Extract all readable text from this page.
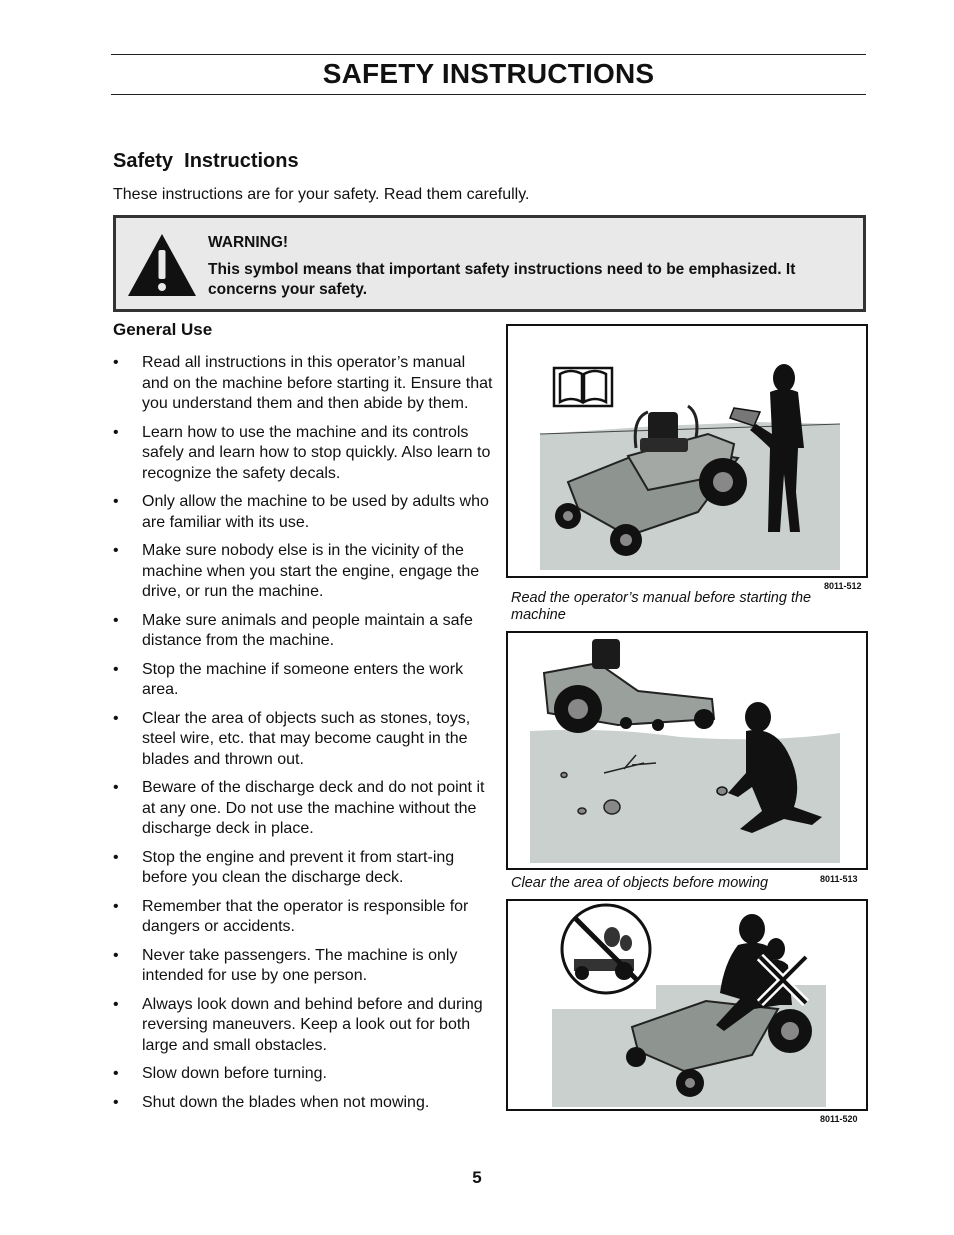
SAFETY INSTRUCTIONS
Safety  Instructions
These instructions are for your safety. Read them carefully.
WARNING!
This symbol means that important safety instructions need to be emphasized. It concerns your safety.
General Use
• Read all instructions in this operator’s manual and on the machine before starting it. Ensure that you understand them and then abide by them.
• Learn how to use the machine and its controls safely and learn how to stop quickly. Also learn to recognize the safety decals.
• Only allow the machine to be used by adults who are familiar with its use.
• Make sure nobody else is in the vicinity of the machine when you start the engine, engage the drive, or run the machine.
• Make sure animals and people maintain a safe distance from the machine.
• Stop the machine if someone enters the work area.
• Clear the area of objects such as stones, toys, steel wire, etc. that may become caught in the blades and thrown out.
• Beware of the discharge deck and do not point it at any one. Do not use the machine without the discharge deck in place.
• Stop the engine and prevent it from start-ing before you clean the discharge deck.
• Remember that the operator is responsible for dangers or accidents.
• Never take passengers. The machine is only intended for use by one person.
• Always look down and behind before and during reversing maneuvers. Keep a look out for both large and small obstacles.
• Slow down before turning.
• Shut down the blades when not mowing.
8011-512
Read the operator’s manual before starting the machine
Clear the area of objects before mowing	8011-513
8011-520
5
